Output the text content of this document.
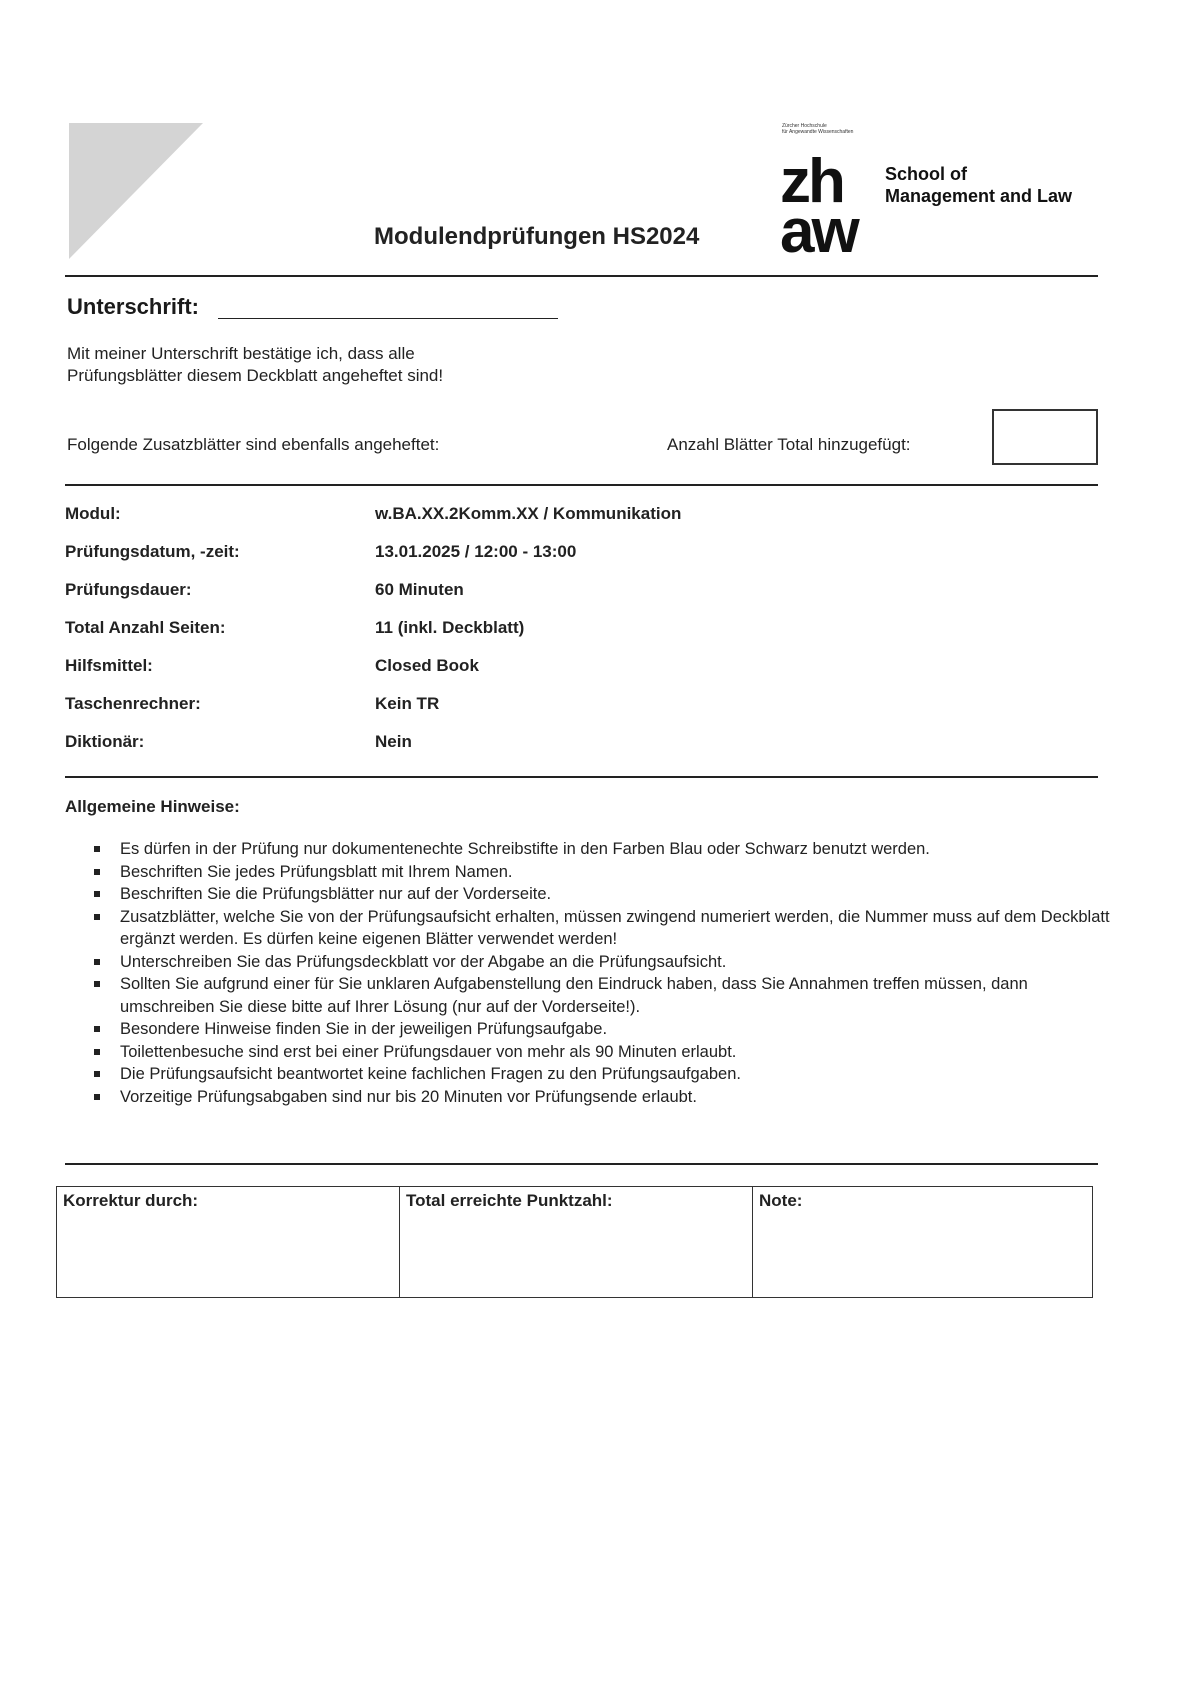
Zürcher Hochschule
für Angewandte Wissenschaften
zh
aw
School of
Management and Law
Modulendprüfungen HS2024
Unterschrift:
Mit meiner Unterschrift bestätige ich, dass alle
Prüfungsblätter diesem Deckblatt angeheftet sind!
Folgende Zusatzblätter sind ebenfalls angeheftet:	Anzahl Blätter Total hinzugefügt:
Modul:	w.BA.XX.2Komm.XX / Kommunikation
Prüfungsdatum, -zeit:	13.01.2025 / 12:00 - 13:00
Prüfungsdauer:	60 Minuten
Total Anzahl Seiten:	11 (inkl. Deckblatt)
Hilfsmittel:	Closed Book
Taschenrechner:	Kein TR
Diktionär:	Nein
Allgemeine Hinweise:
Es dürfen in der Prüfung nur dokumentenechte Schreibstifte in den Farben Blau oder Schwarz benutzt werden.
Beschriften Sie jedes Prüfungsblatt mit Ihrem Namen.
Beschriften Sie die Prüfungsblätter nur auf der Vorderseite.
Zusatzblätter, welche Sie von der Prüfungsaufsicht erhalten, müssen zwingend numeriert werden, die Nummer muss auf dem Deckblatt ergänzt werden. Es dürfen keine eigenen Blätter verwendet werden!
Unterschreiben Sie das Prüfungsdeckblatt vor der Abgabe an die Prüfungsaufsicht.
Sollten Sie aufgrund einer für Sie unklaren Aufgabenstellung den Eindruck haben, dass Sie Annahmen treffen müssen, dann umschreiben Sie diese bitte auf Ihrer Lösung (nur auf der Vorderseite!).
Besondere Hinweise finden Sie in der jeweiligen Prüfungsaufgabe.
Toilettenbesuche sind erst bei einer Prüfungsdauer von mehr als 90 Minuten erlaubt.
Die Prüfungsaufsicht beantwortet keine fachlichen Fragen zu den Prüfungsaufgaben.
Vorzeitige Prüfungsabgaben sind nur bis 20 Minuten vor Prüfungsende erlaubt.
Korrektur durch:	Total erreichte Punktzahl:	Note:
